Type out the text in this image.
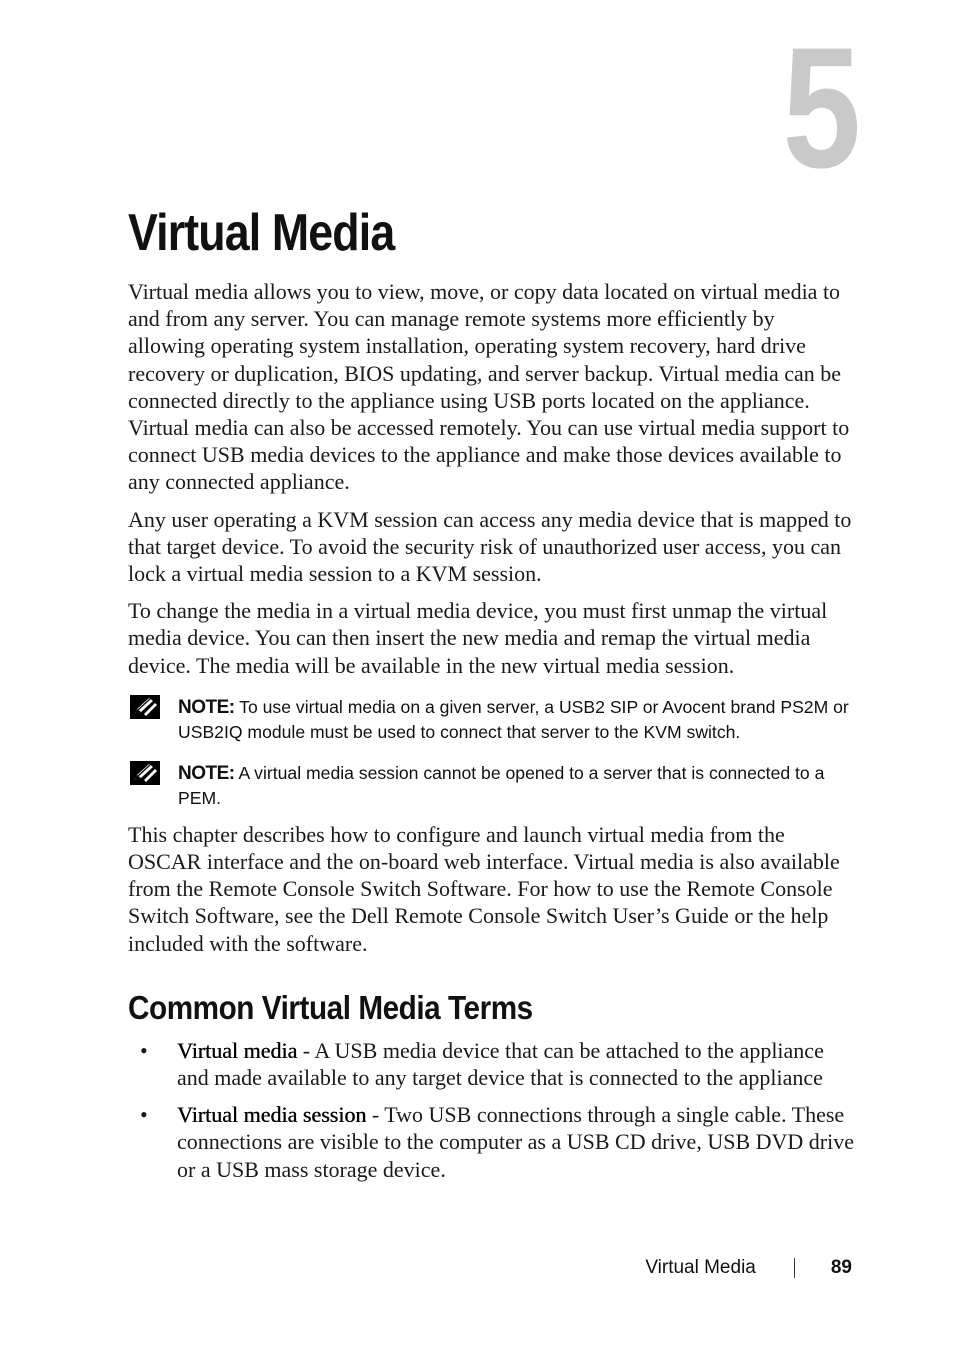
5
Virtual Media

Virtual media allows you to view, move, or copy data located on virtual media to and from any server. You can manage remote systems more efficiently by allowing operating system installation, operating system recovery, hard drive recovery or duplication, BIOS updating, and server backup. Virtual media can be connected directly to the appliance using USB ports located on the appliance. Virtual media can also be accessed remotely. You can use virtual media support to connect USB media devices to the appliance and make those devices available to any connected appliance.

Any user operating a KVM session can access any media device that is mapped to that target device. To avoid the security risk of unauthorized user access, you can lock a virtual media session to a KVM session.

To change the media in a virtual media device, you must first unmap the virtual media device. You can then insert the new media and remap the virtual media device. The media will be available in the new virtual media session.

NOTE: To use virtual media on a given server, a USB2 SIP or Avocent brand PS2M or USB2IQ module must be used to connect that server to the KVM switch.
NOTE: A virtual media session cannot be opened to a server that is connected to a PEM.

This chapter describes how to configure and launch virtual media from the OSCAR interface and the on-board web interface. Virtual media is also available from the Remote Console Switch Software. For how to use the Remote Console Switch Software, see the Dell Remote Console Switch User’s Guide or the help included with the software.

Common Virtual Media Terms
• Virtual media - A USB media device that can be attached to the appliance and made available to any target device that is connected to the appliance
• Virtual media session - Two USB connections through a single cable. These connections are visible to the computer as a USB CD drive, USB DVD drive or a USB mass storage device.
Virtual Media	89
